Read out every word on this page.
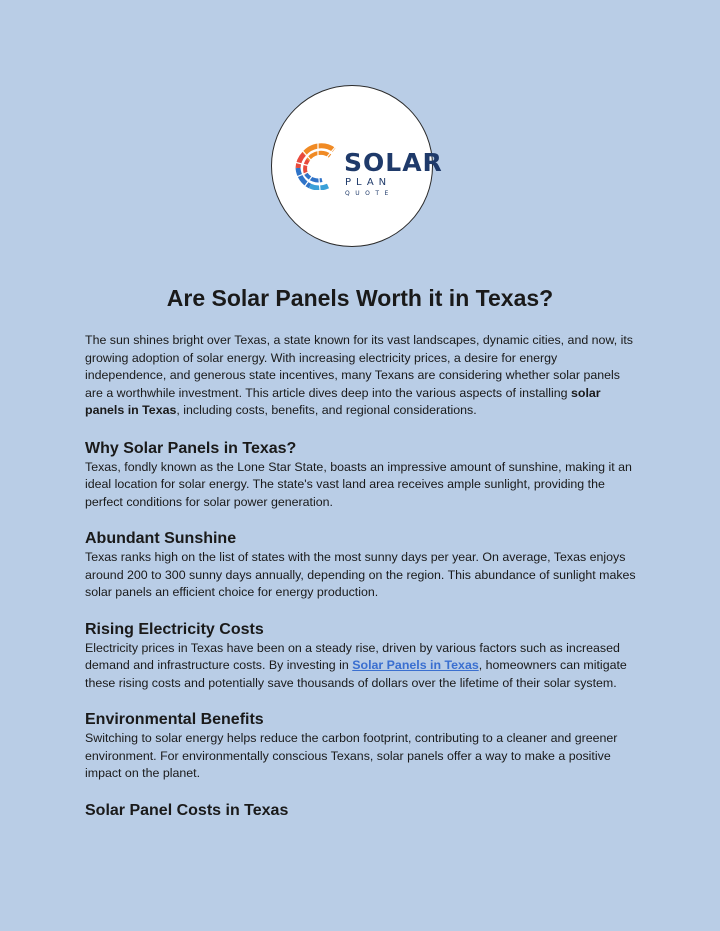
SOLAR
PLAN
QUOTE
Are Solar Panels Worth it in Texas?

The sun shines bright over Texas, a state known for its vast landscapes, dynamic cities, and now, its growing adoption of solar energy. With increasing electricity prices, a desire for energy independence, and generous state incentives, many Texans are considering whether solar panels are a worthwhile investment. This article dives deep into the various aspects of installing solar panels in Texas, including costs, benefits, and regional considerations.

Why Solar Panels in Texas?

Texas, fondly known as the Lone Star State, boasts an impressive amount of sunshine, making it an ideal location for solar energy. The state's vast land area receives ample sunlight, providing the perfect conditions for solar power generation.

Abundant Sunshine

Texas ranks high on the list of states with the most sunny days per year. On average, Texas enjoys around 200 to 300 sunny days annually, depending on the region. This abundance of sunlight makes solar panels an efficient choice for energy production.

Rising Electricity Costs

Electricity prices in Texas have been on a steady rise, driven by various factors such as increased demand and infrastructure costs. By investing in Solar Panels in Texas, homeowners can mitigate these rising costs and potentially save thousands of dollars over the lifetime of their solar system.

Environmental Benefits

Switching to solar energy helps reduce the carbon footprint, contributing to a cleaner and greener environment. For environmentally conscious Texans, solar panels offer a way to make a positive impact on the planet.

Solar Panel Costs in Texas
